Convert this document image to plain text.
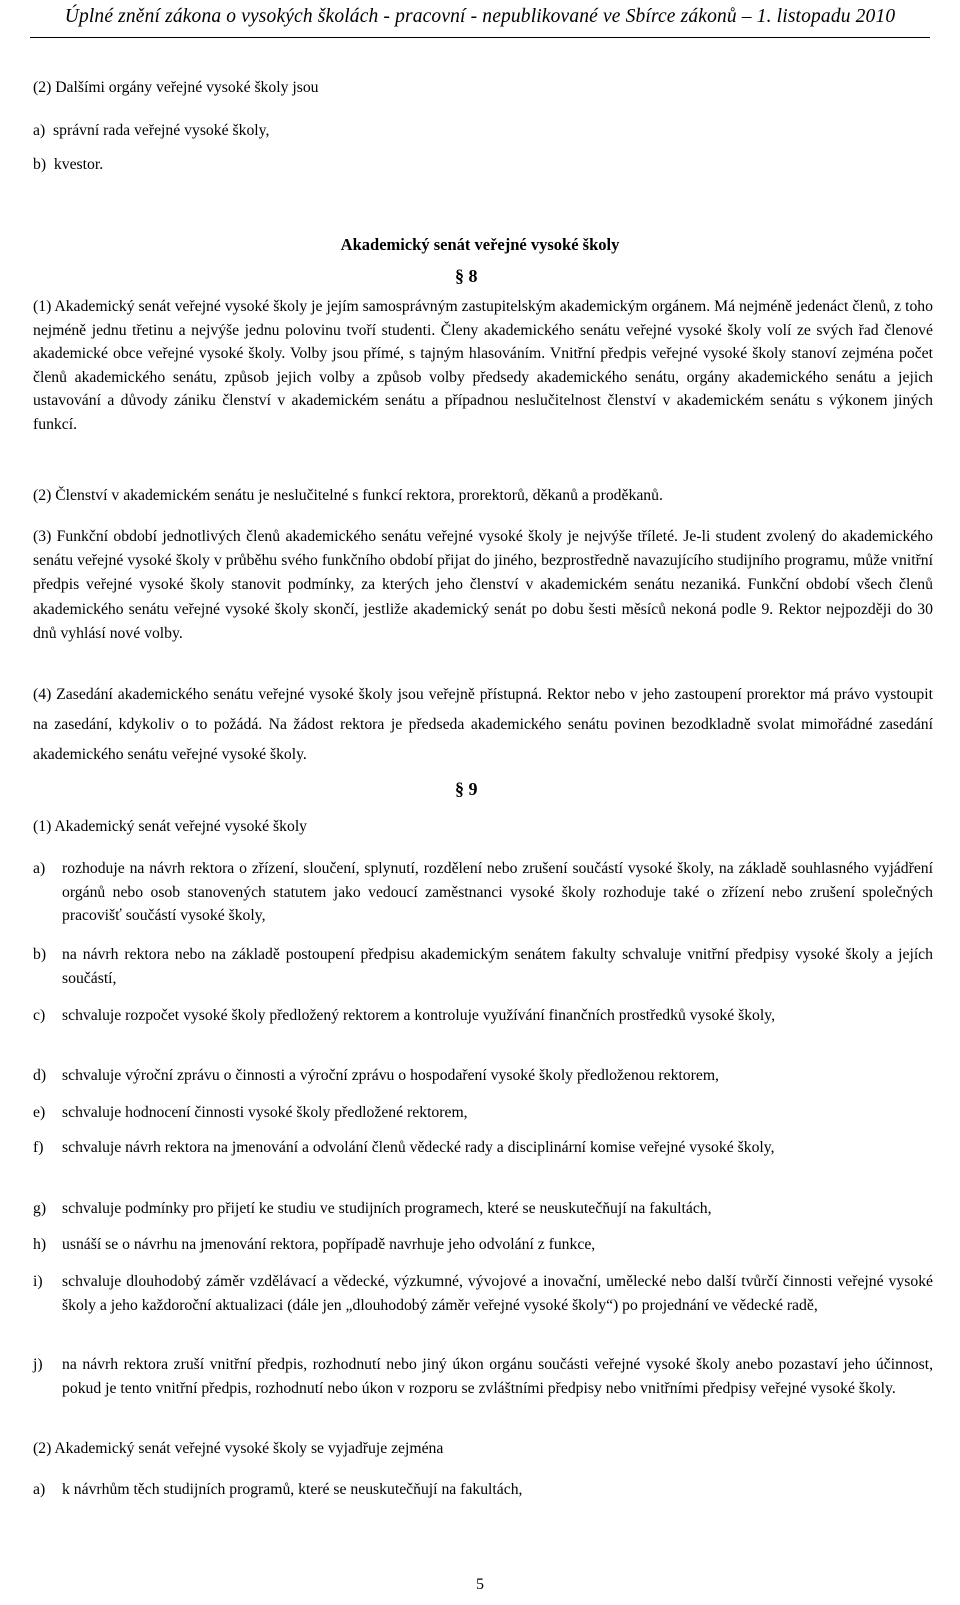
Úplné znění zákona o vysokých školách - pracovní - nepublikované ve Sbírce zákonů – 1. listopadu 2010
(2) Dalšími orgány veřejné vysoké školy jsou
a)  správní rada veřejné vysoké školy,
b)  kvestor.
Akademický senát veřejné vysoké školy
§ 8
(1) Akademický senát veřejné vysoké školy je jejím samosprávným zastupitelským akademickým orgánem. Má nejméně jedenáct členů, z toho nejméně jednu třetinu a nejvýše jednu polovinu tvoří studenti. Členy akademického senátu veřejné vysoké školy volí ze svých řad členové akademické obce veřejné vysoké školy. Volby jsou přímé, s tajným hlasováním. Vnitřní předpis veřejné vysoké školy stanoví zejména počet členů akademického senátu, způsob jejich volby a způsob volby předsedy akademického senátu, orgány akademického senátu a jejich ustavování a důvody zániku členství v akademickém senátu a případnou neslučitelnost členství v akademickém senátu s výkonem jiných funkcí.
(2) Členství v akademickém senátu je neslučitelné s funkcí rektora, prorektorů, děkanů a proděkanů.
(3) Funkční období jednotlivých členů akademického senátu veřejné vysoké školy je nejvýše tříleté. Je-li student zvolený do akademického senátu veřejné vysoké školy v průběhu svého funkčního období přijat do jiného, bezprostředně navazujícího studijního programu, může vnitřní předpis veřejné vysoké školy stanovit podmínky, za kterých jeho členství v akademickém senátu nezaniká. Funkční období všech členů akademického senátu veřejné vysoké školy skončí, jestliže akademický senát po dobu šesti měsíců nekoná podle 9. Rektor nejpozději do 30 dnů vyhlásí nové volby.
(4) Zasedání akademického senátu veřejné vysoké školy jsou veřejně přístupná. Rektor nebo v jeho zastoupení prorektor má právo vystoupit na zasedání, kdykoliv o to požádá. Na žádost rektora je předseda akademického senátu povinen bezodkladně svolat mimořádné zasedání akademického senátu veřejné vysoké školy.
§ 9
(1) Akademický senát veřejné vysoké školy
a) rozhoduje na návrh rektora o zřízení, sloučení, splynutí, rozdělení nebo zrušení součástí vysoké školy, na základě souhlasného vyjádření orgánů nebo osob stanovených statutem jako vedoucí zaměstnanci vysoké školy rozhoduje také o zřízení nebo zrušení společných pracovišť součástí vysoké školy,
b) na návrh rektora nebo na základě postoupení předpisu akademickým senátem fakulty schvaluje vnitřní předpisy vysoké školy a jejích součástí,
c) schvaluje rozpočet vysoké školy předložený rektorem a kontroluje využívání finančních prostředků vysoké školy,
d) schvaluje výroční zprávu o činnosti a výroční zprávu o hospodaření vysoké školy předloženou rektorem,
e) schvaluje hodnocení činnosti vysoké školy předložené rektorem,
f) schvaluje návrh rektora na jmenování a odvolání členů vědecké rady a disciplinární komise veřejné vysoké školy,
g) schvaluje podmínky pro přijetí ke studiu ve studijních programech, které se neuskutečňují na fakultách,
h) usnáší se o návrhu na jmenování rektora, popřípadě navrhuje jeho odvolání z funkce,
i) schvaluje dlouhodobý záměr vzdělávací a vědecké, výzkumné, vývojové a inovační, umělecké nebo další tvůrčí činnosti veřejné vysoké školy a jeho každoroční aktualizaci (dále jen „dlouhodobý záměr veřejné vysoké školy“) po projednání ve vědecké radě,
j) na návrh rektora zruší vnitřní předpis, rozhodnutí nebo jiný úkon orgánu součásti veřejné vysoké školy anebo pozastaví jeho účinnost, pokud je tento vnitřní předpis, rozhodnutí nebo úkon v rozporu se zvláštními předpisy nebo vnitřními předpisy veřejné vysoké školy.
(2) Akademický senát veřejné vysoké školy se vyjadřuje zejména
a) k návrhům těch studijních programů, které se neuskutečňují na fakultách,
5
